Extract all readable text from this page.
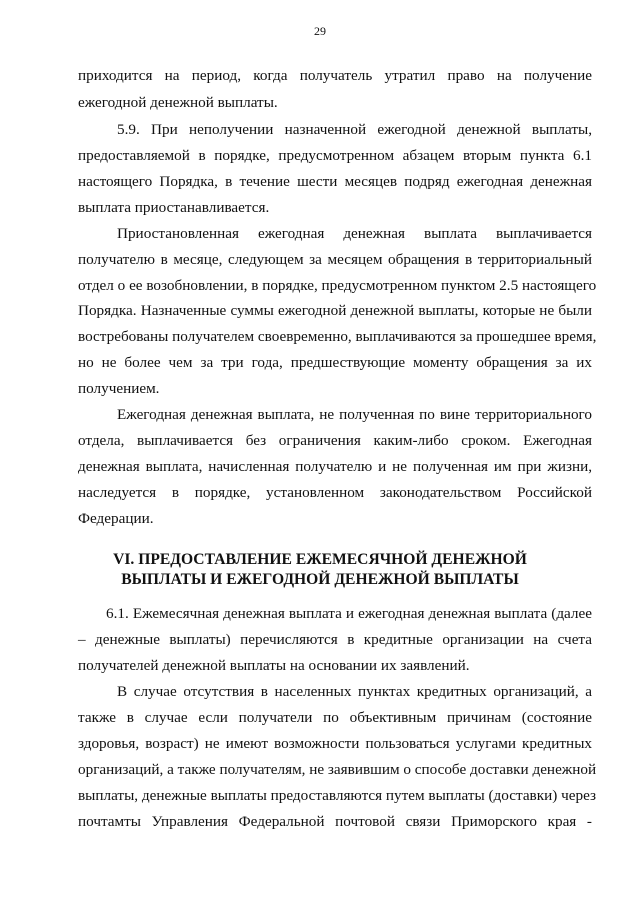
29
приходится на период, когда получатель утратил право на получение
ежегодной денежной выплаты.
5.9. При неполучении назначенной ежегодной денежной выплаты,
предоставляемой в порядке, предусмотренном абзацем вторым пункта 6.1
настоящего Порядка, в течение шести месяцев подряд ежегодная денежная
выплата приостанавливается.
Приостановленная ежегодная денежная выплата выплачивается
получателю в месяце, следующем за месяцем обращения в территориальный
отдел о ее возобновлении, в порядке, предусмотренном пунктом 2.5 настоящего
Порядка. Назначенные суммы ежегодной денежной выплаты, которые не были
востребованы получателем своевременно, выплачиваются за прошедшее время,
но не более чем за три года, предшествующие моменту обращения за их
получением.
Ежегодная денежная выплата, не полученная по вине территориального
отдела, выплачивается без ограничения каким-либо сроком. Ежегодная
денежная выплата, начисленная получателю и не полученная им при жизни,
наследуется в порядке, установленном законодательством Российской
Федерации.
VI. ПРЕДОСТАВЛЕНИЕ ЕЖЕМЕСЯЧНОЙ ДЕНЕЖНОЙ
ВЫПЛАТЫ И ЕЖЕГОДНОЙ ДЕНЕЖНОЙ ВЫПЛАТЫ
6.1. Ежемесячная денежная выплата и ежегодная денежная выплата (далее
– денежные выплаты) перечисляются в кредитные организации на счета
получателей денежной выплаты на основании их заявлений.
В случае отсутствия в населенных пунктах кредитных организаций, а
также в случае если получатели по объективным причинам (состояние
здоровья, возраст) не имеют возможности пользоваться услугами кредитных
организаций, а также получателям, не заявившим о способе доставки денежной
выплаты, денежные выплаты предоставляются путем выплаты (доставки) через
почтамты Управления Федеральной почтовой связи Приморского края -
